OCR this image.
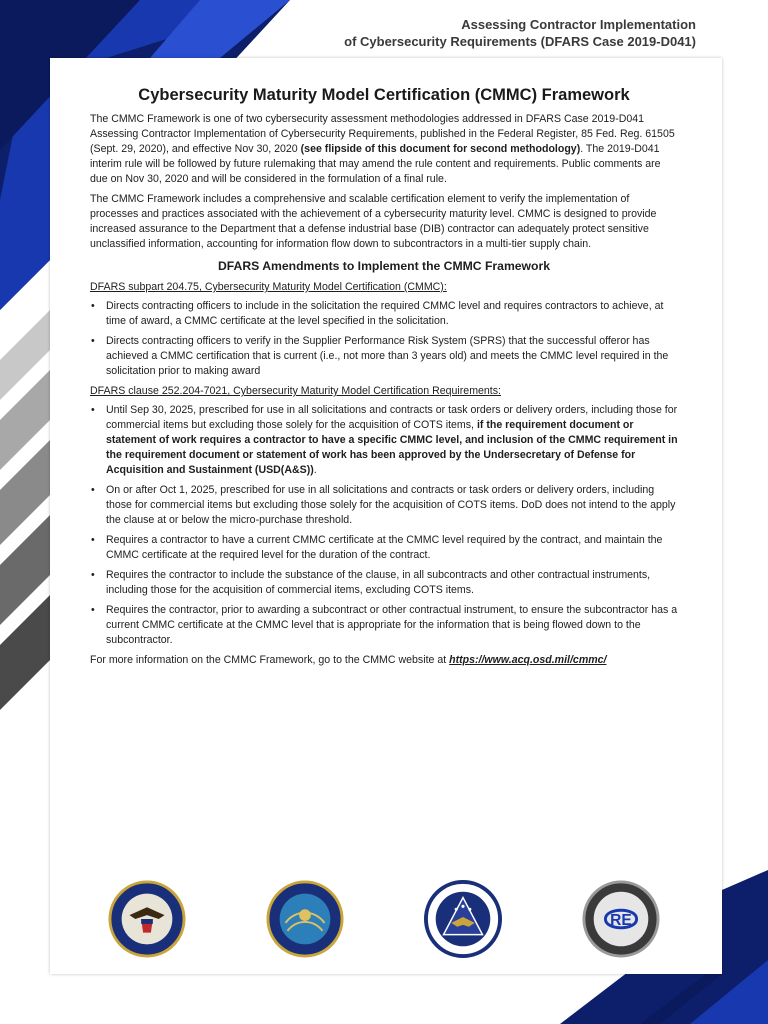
Assessing Contractor Implementation
of Cybersecurity Requirements (DFARS Case 2019-D041)
Cybersecurity Maturity Model Certification (CMMC) Framework

The CMMC Framework is one of two cybersecurity assessment methodologies addressed in DFARS Case 2019-D041 Assessing Contractor Implementation of Cybersecurity Requirements, published in the Federal Register, 85 Fed. Reg. 61505 (Sept. 29, 2020), and effective Nov 30, 2020 (see flipside of this document for second methodology). The 2019-D041 interim rule will be followed by future rulemaking that may amend the rule content and requirements. Public comments are due on Nov 30, 2020 and will be considered in the formulation of a final rule.

The CMMC Framework includes a comprehensive and scalable certification element to verify the implementation of processes and practices associated with the achievement of a cybersecurity maturity level. CMMC is designed to provide increased assurance to the Department that a defense industrial base (DIB) contractor can adequately protect sensitive unclassified information, accounting for information flow down to subcontractors in a multi-tier supply chain.

DFARS Amendments to Implement the CMMC Framework
DFARS subpart 204.75, Cybersecurity Maturity Model Certification (CMMC):
• Directs contracting officers to include in the solicitation the required CMMC level and requires contractors to achieve, at time of award, a CMMC certificate at the level specified in the solicitation.
• Directs contracting officers to verify in the Supplier Performance Risk System (SPRS) that the successful offeror has achieved a CMMC certification that is current (i.e., not more than 3 years old) and meets the CMMC level required in the solicitation prior to making award
DFARS clause 252.204-7021, Cybersecurity Maturity Model Certification Requirements:
• Until Sep 30, 2025, prescribed for use in all solicitations and contracts or task orders or delivery orders, including those for commercial items but excluding those solely for the acquisition of COTS items, if the requirement document or statement of work requires a contractor to have a specific CMMC level, and inclusion of the CMMC requirement in the requirement document or statement of work has been approved by the Undersecretary of Defense for Acquisition and Sustainment (USD(A&S)).
• On or after Oct 1, 2025, prescribed for use in all solicitations and contracts or task orders or delivery orders, including those for commercial items but excluding those solely for the acquisition of COTS items. DoD does not intend to the apply the clause at or below the micro-purchase threshold.
• Requires a contractor to have a current CMMC certificate at the CMMC level required by the contract, and maintain the CMMC certificate at the required level for the duration of the contract.
• Requires the contractor to include the substance of the clause, in all subcontracts and other contractual instruments, including those for the acquisition of commercial items, excluding COTS items.
• Requires the contractor, prior to awarding a subcontract or other contractual instrument, to ensure the subcontractor has a current CMMC certificate at the CMMC level that is appropriate for the information that is being flowed down to the subcontractor.

For more information on the CMMC Framework, go to the CMMC website at https://www.acq.osd.mil/cmmc/

RE
